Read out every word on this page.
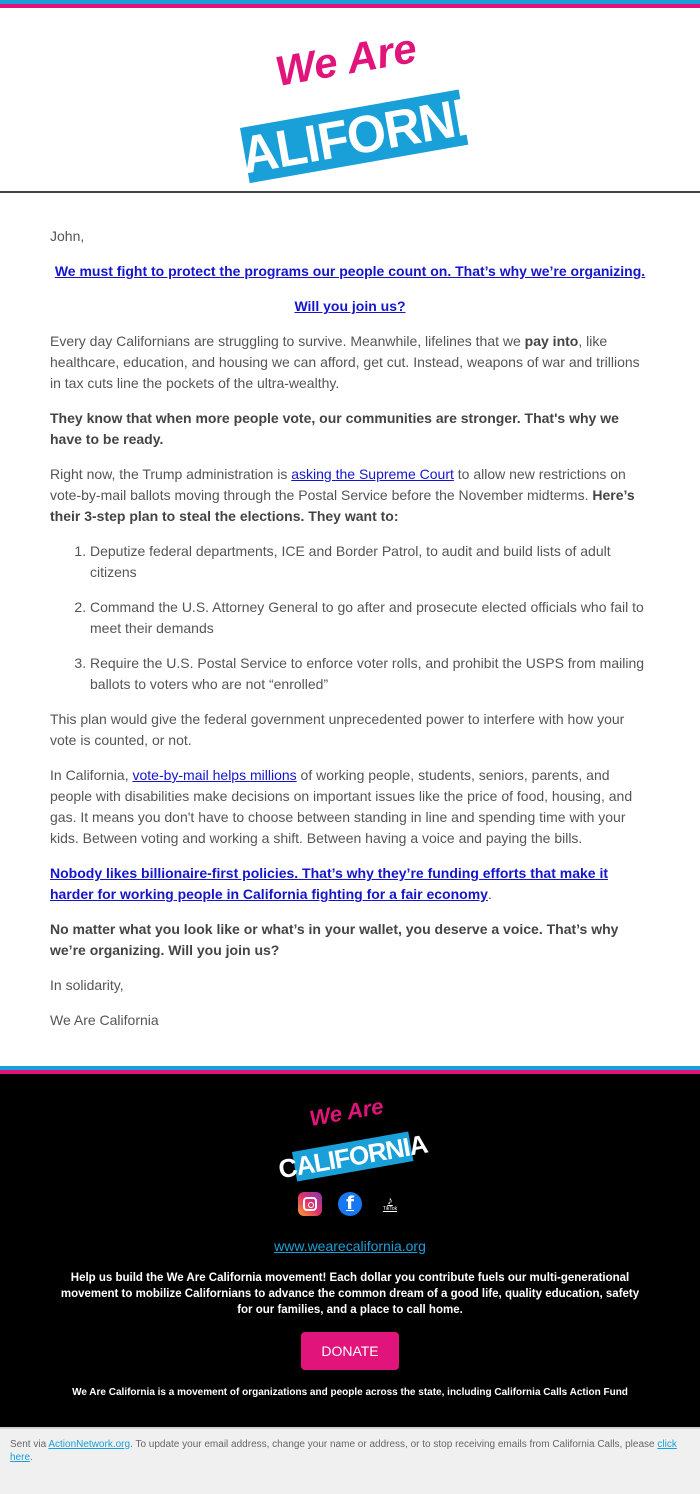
We Are
CALIFORNIA

John,

We must fight to protect the programs our people count on. That’s why we’re organizing.

Will you join us?

Every day Californians are struggling to survive. Meanwhile, lifelines that we pay into, like healthcare, education, and housing we can afford, get cut. Instead, weapons of war and trillions in tax cuts line the pockets of the ultra-wealthy.

They know that when more people vote, our communities are stronger. That's why we have to be ready.

Right now, the Trump administration is asking the Supreme Court to allow new restrictions on vote-by-mail ballots moving through the Postal Service before the November midterms. Here’s their 3-step plan to steal the elections. They want to:

1. Deputize federal departments, ICE and Border Patrol, to audit and build lists of adult citizens
2. Command the U.S. Attorney General to go after and prosecute elected officials who fail to meet their demands
3. Require the U.S. Postal Service to enforce voter rolls, and prohibit the USPS from mailing ballots to voters who are not “enrolled”

This plan would give the federal government unprecedented power to interfere with how your vote is counted, or not.

In California, vote-by-mail helps millions of working people, students, seniors, parents, and people with disabilities make decisions on important issues like the price of food, housing, and gas. It means you don't have to choose between standing in line and spending time with your kids. Between voting and working a shift. Between having a voice and paying the bills.

Nobody likes billionaire-first policies. That’s why they’re funding efforts that make it harder for working people in California fighting for a fair economy.

No matter what you look like or what’s in your wallet, you deserve a voice. That’s why we’re organizing. Will you join us?

In solidarity,

We Are California

We Are
CALIFORNIA
f	♪
TikTok
www.wearecalifornia.org
Help us build the We Are California movement! Each dollar you contribute fuels our multi-generational movement to mobilize Californians to advance the common dream of a good life, quality education, safety for our families, and a place to call home.
DONATE
We Are California is a movement of organizations and people across the state, including California Calls Action Fund
Sent via ActionNetwork.org. To update your email address, change your name or address, or to stop receiving emails from California Calls, please click here.
